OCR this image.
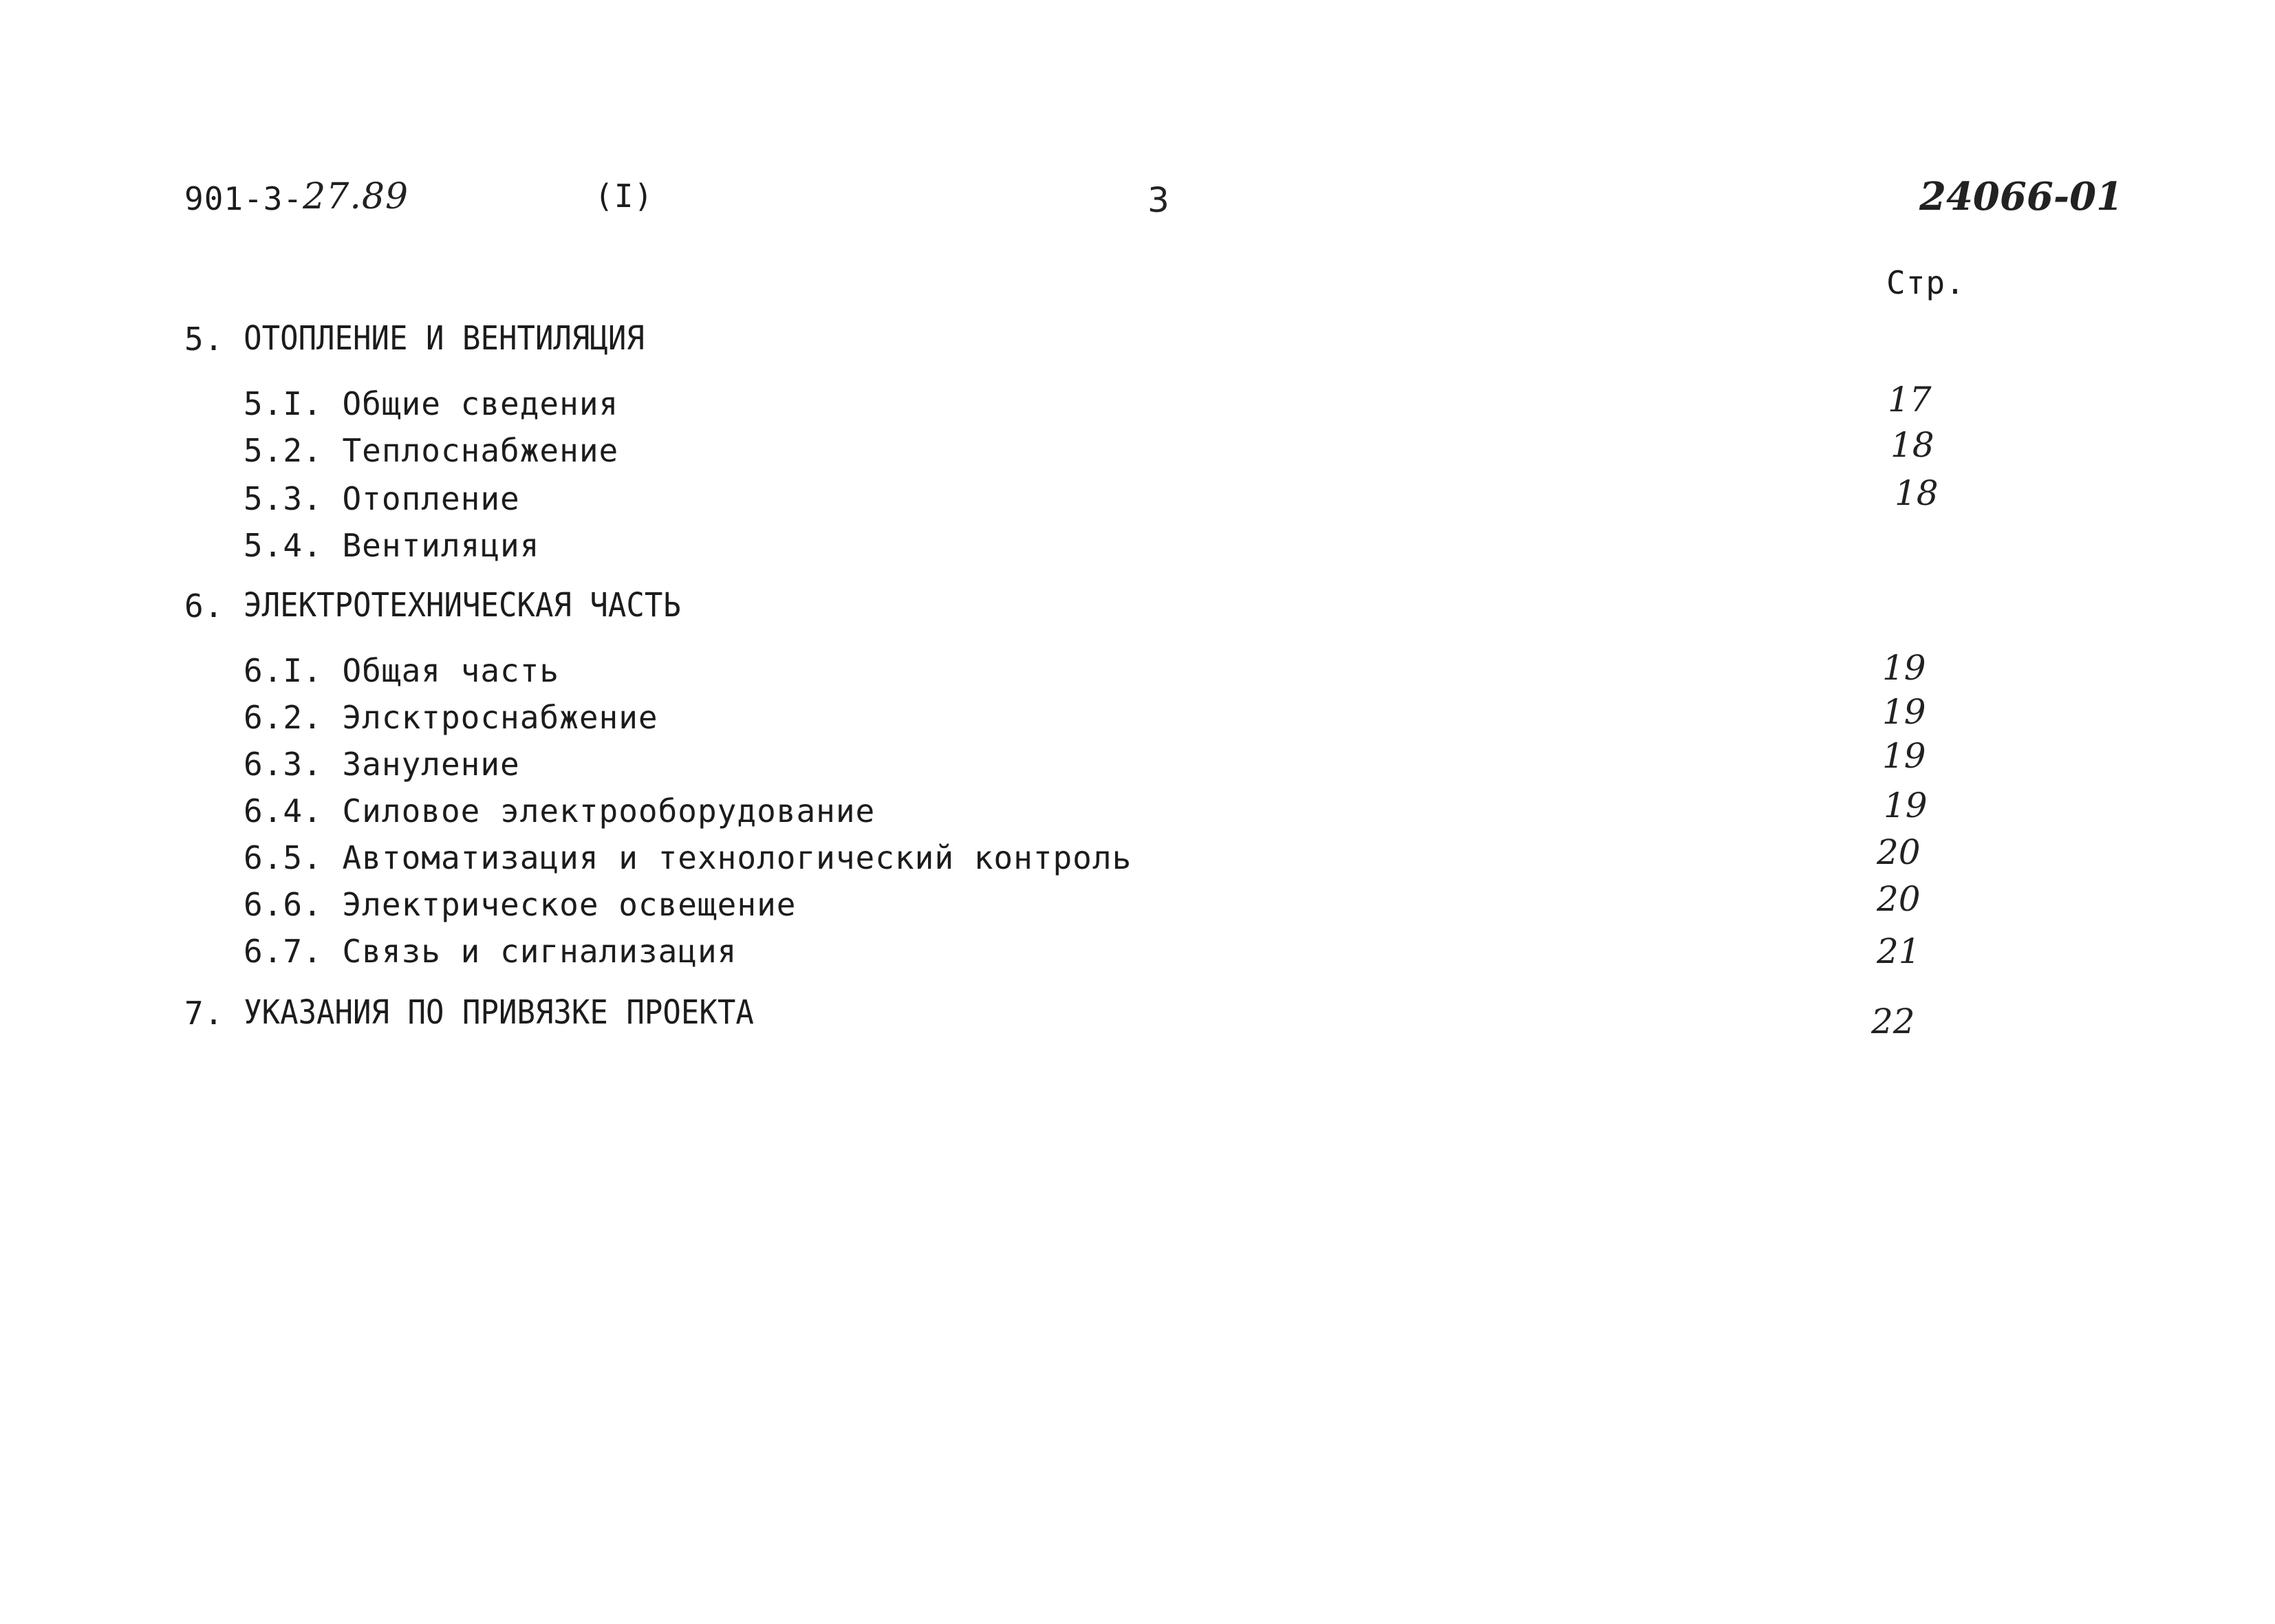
901-3-27.89	(I)	3	24066-01
Стр.
5. ОТОПЛЕНИЕ И ВЕНТИЛЯЦИЯ
5.I. Общие сведения	17
5.2. Теплоснабжение	18
5.3. Отопление	18
5.4. Вентиляция
6. ЭЛЕКТРОТЕХНИЧЕСКАЯ ЧАСТЬ
6.I. Общая часть	19
6.2. Элсктроснабжение	19
6.3. Зануление	19
6.4. Силовое электрооборудование	19
6.5. Автоматизация и технологический контроль	20
6.6. Электрическое освещение	20
6.7. Связь и сигнализация	21
7. УКАЗАНИЯ ПО ПРИВЯЗКЕ ПРОЕКТА	22
